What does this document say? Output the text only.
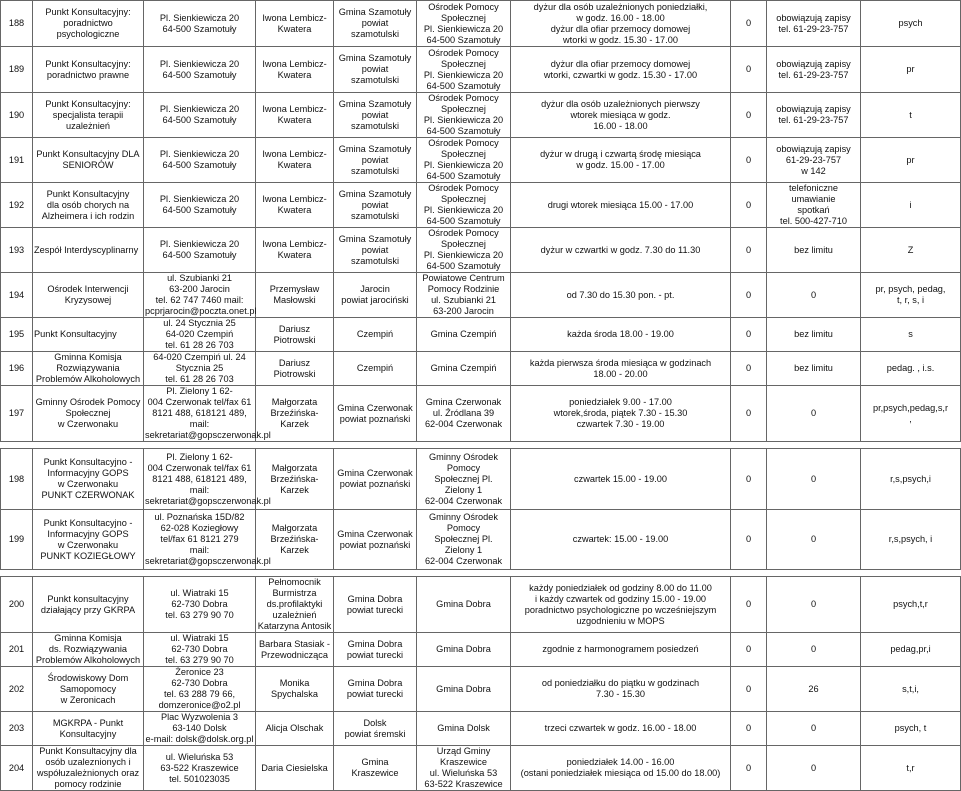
188	Punkt Konsultacyjny:
poradnictwo
psychologiczne	Pl. Sienkiewicza 20
64-500 Szamotuły	Iwona Lembicz-
Kwatera	Gmina Szamotuły
powiat
szamotulski	Ośrodek Pomocy
Społecznej
Pl. Sienkiewicza 20
64-500 Szamotuły	dyżur dla osób uzależnionych poniedziałki,
w godz. 16.00 - 18.00
dyżur dla ofiar przemocy domowej
wtorki w godz. 15.30 - 17.00	0	obowiązują zapisy
tel. 61-29-23-757	psych
189	Punkt Konsultacyjny:
poradnictwo prawne	Pl. Sienkiewicza 20
64-500 Szamotuły	Iwona Lembicz-
Kwatera	Gmina Szamotuły
powiat
szamotulski	Ośrodek Pomocy
Społecznej
Pl. Sienkiewicza 20
64-500 Szamotuły	dyżur dla ofiar przemocy domowej
wtorki, czwartki w godz. 15.30 - 17.00	0	obowiązują zapisy
tel. 61-29-23-757	pr
190	Punkt Konsultacyjny:
specjalista terapii
uzależnień	Pl. Sienkiewicza 20
64-500 Szamotuły	Iwona Lembicz-
Kwatera	Gmina Szamotuły
powiat
szamotulski	Ośrodek Pomocy
Społecznej
Pl. Sienkiewicza 20
64-500 Szamotuły	dyżur dla osób uzależnionych pierwszy
wtorek miesiąca w godz.
16.00 - 18.00	0	obowiązują zapisy
tel. 61-29-23-757	t
191	Punkt Konsultacyjny DLA
SENIORÓW	Pl. Sienkiewicza 20
64-500 Szamotuły	Iwona Lembicz-
Kwatera	Gmina Szamotuły
powiat
szamotulski	Ośrodek Pomocy
Społecznej
Pl. Sienkiewicza 20
64-500 Szamotuły	dyżur w drugą i czwartą środę miesiąca
w godz. 15.00 - 17.00	0	obowiązują zapisy
61-29-23-757
w 142	pr
192	Punkt Konsultacyjny
dla osób chorych na
Alzheimera i ich rodzin	Pl. Sienkiewicza 20
64-500 Szamotuły	Iwona Lembicz-
Kwatera	Gmina Szamotuły
powiat
szamotulski	Ośrodek Pomocy
Społecznej
Pl. Sienkiewicza 20
64-500 Szamotuły	drugi wtorek miesiąca 15.00 - 17.00	0	telefoniczne
umawianie
spotkań
tel. 500-427-710	i
193	Zespół Interdyscyplinarny	Pl. Sienkiewicza 20
64-500 Szamotuły	Iwona Lembicz-
Kwatera	Gmina Szamotuły
powiat
szamotulski	Ośrodek Pomocy
Społecznej
Pl. Sienkiewicza 20
64-500 Szamotuły	dyżur w czwartki w godz. 7.30 do 11.30	0	bez limitu	Z
194	Ośrodek Interwencji
Kryzysowej	ul. Szubianki 21
63-200 Jarocin
tel. 62 747 7460 mail:
pcprjarocin@poczta.onet.pl	Przemysław
Masłowski	Jarocin
powiat jarociński	Powiatowe Centrum
Pomocy Rodzinie
ul. Szubianki 21
63-200 Jarocin	od 7.30 do 15.30 pon. - pt.	0	0	pr, psych, pedag,
t, r, s, i
195	Punkt Konsultacyjny	ul. 24 Stycznia 25
64-020 Czempiń
tel. 61 28 26 703	Dariusz Piotrowski	Czempiń	Gmina Czempiń	każda środa 18.00 - 19.00	0	bez limitu	s
196	Gminna Komisja
Rozwiązywania
Problemów Alkoholowych	64-020 Czempiń ul. 24 Stycznia 25
tel. 61 28 26 703	Dariusz Piotrowski	Czempiń	Gmina Czempiń	każda pierwsza środa miesiąca w godzinach
18.00 - 20.00	0	bez limitu	pedag. , i.s.
197	Gminny Ośrodek Pomocy
Społecznej
w Czerwonaku	Pl. Zielony 1 62-
004 Czerwonak tel/fax 61
8121 488, 618121 489, mail:
sekretariat@gopsczerwonak.pl	Małgorzata
Brzeźińska-
Karzek	Gmina Czerwonak
powiat poznański	Gmina Czerwonak
ul. Źródlana 39
62-004 Czerwonak	poniedziałek 9.00 - 17.00
wtorek,środa, piątek 7.30 - 15.30
czwartek 7.30 - 19.00	0	0	pr,psych,pedag,s,r
,

198	Punkt Konsultacyjno -
Informacyjny GOPS
w Czerwonaku
PUNKT CZERWONAK	Pl. Zielony 1 62-
004 Czerwonak tel/fax 61
8121 488, 618121 489, mail:
sekretariat@gopsczerwonak.pl	Małgorzata
Brzeźińska-
Karzek	Gmina Czerwonak
powiat poznański	Gminny Ośrodek Pomocy
Społecznej Pl.
Zielony 1
62-004 Czerwonak	czwartek 15.00 - 19.00	0	0	r,s,psych,i
199	Punkt Konsultacyjno -
Informacyjny GOPS
w Czerwonaku
PUNKT KOZIEGŁOWY	ul. Poznańska 15D/82
62-028 Koziegłowy
tel/fax 61 8121 279
mail:
sekretariat@gopsczerwonak.pl	Małgorzata
Brzeźińska-
Karzek	Gmina Czerwonak
powiat poznański	Gminny Ośrodek Pomocy
Społecznej Pl.
Zielony 1
62-004 Czerwonak	czwartek: 15.00 - 19.00	0	0	r,s,psych, i

200	Punkt konsultacyjny
działający przy GKRPA	ul. Wiatraki 15
62-730 Dobra
tel. 63 279 90 70	Pełnomocnik
Burmistrza
ds.profilaktyki
uzależnień
Katarzyna Antosik	Gmina Dobra
powiat turecki	Gmina Dobra	każdy poniedziałek od godziny 8.00 do 11.00
i każdy czwartek od godziny 15.00 - 19.00
poradnictwo psychologiczne po wcześniejszym
uzgodnieniu w MOPS	0	0	psych,t,r
201	Gminna Komisja
ds. Rozwiązywania
Problemów Alkoholowych	ul. Wiatraki 15
62-730 Dobra
tel. 63 279 90 70	Barbara Stasiak -
Przewodnicząca	Gmina Dobra
powiat turecki	Gmina Dobra	zgodnie z harmonogramem posiedzeń	0	0	pedag,pr,i
202	Środowiskowy Dom
Samopomocy
w Zeronicach	Żeronice 23
62-730 Dobra
tel. 63 288 79 66,
domzeronice@o2.pl	Monika
Spychalska	Gmina Dobra
powiat turecki	Gmina Dobra	od poniedziałku do piątku w godzinach
7.30 - 15.30	0	26	s,t,i,
203	MGKRPA - Punkt
Konsultacyjny	Plac Wyzwolenia 3
63-140 Dolsk
e-mail: dolsk@dolsk.org.pl	Alicja Olschak	Dolsk
powiat śremski	Gmina Dolsk	trzeci czwartek w godz. 16.00 - 18.00	0	0	psych, t
204	Punkt Konsultacyjny dla
osób uzaleznionych i
współuzależnionych oraz
pomocy rodzinie	ul. Wieluńska 53
63-522 Kraszewice
tel. 501023035	Daria Ciesielska	Gmina
Kraszewice	Urząd Gminy Kraszewice
ul. Wieluńska 53
63-522 Kraszewice	poniedziałek 14.00 - 16.00
(ostani poniedziałek miesiąca od 15.00 do 18.00)	0	0	t,r
